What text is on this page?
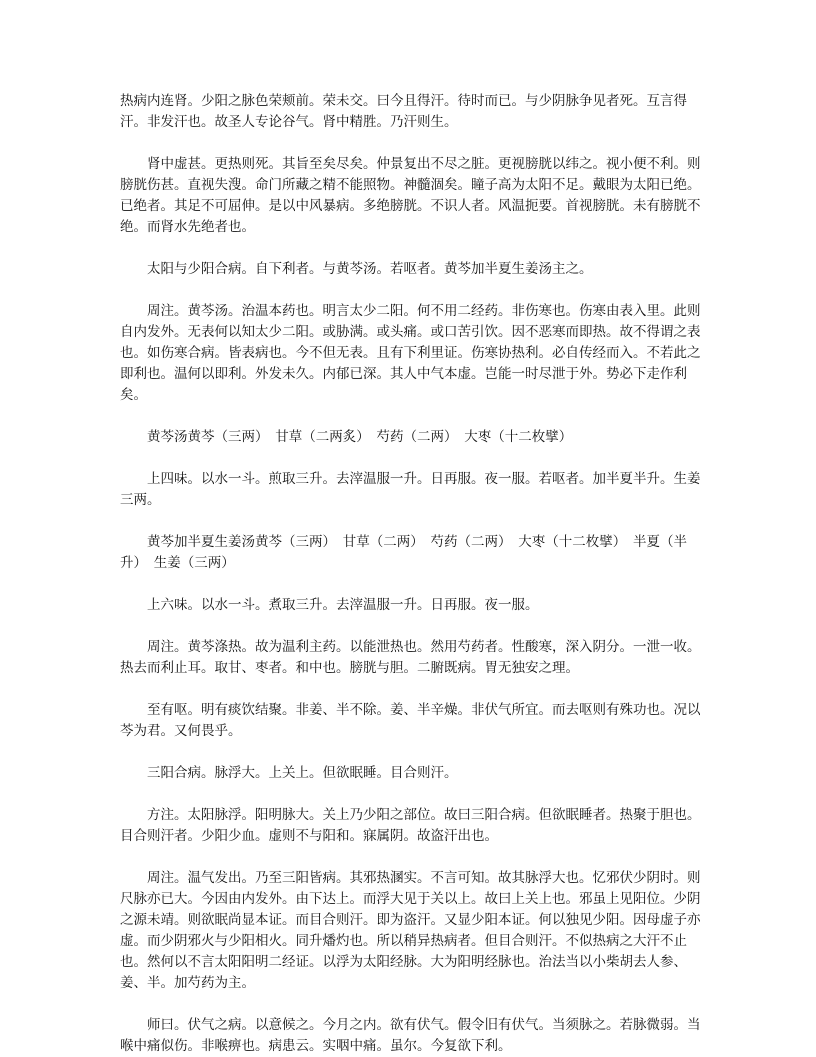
热病内连肾。少阳之脉色荣颊前。荣未交。曰今且得汗。待时而已。与少阴脉争见者死。互言得汗。非发汗也。故圣人专论谷气。肾中精胜。乃汗则生。

肾中虚甚。更热则死。其旨至矣尽矣。仲景复出不尽之脏。更视膀胱以纬之。视小便不利。则膀胱伤甚。直视失溲。命门所藏之精不能照物。神髓涸矣。瞳子高为太阳不足。戴眼为太阳已绝。已绝者。其足不可屈伸。是以中风暴病。多绝膀胱。不识人者。风温扼要。首视膀胱。未有膀胱不绝。而肾水先绝者也。

太阳与少阳合病。自下利者。与黄芩汤。若呕者。黄芩加半夏生姜汤主之。

周注。黄芩汤。治温本药也。明言太少二阳。何不用二经药。非伤寒也。伤寒由表入里。此则自内发外。无表何以知太少二阳。或胁满。或头痛。或口苦引饮。因不恶寒而即热。故不得谓之表也。如伤寒合病。皆表病也。今不但无表。且有下利里证。伤寒协热利。必自传经而入。不若此之即利也。温何以即利。外发未久。内郁已深。其人中气本虚。岂能一时尽泄于外。势必下走作利矣。

黄芩汤黄芩（三两）　甘草（二两炙）　芍药（二两）　大枣（十二枚擘）

上四味。以水一斗。煎取三升。去滓温服一升。日再服。夜一服。若呕者。加半夏半升。生姜三两。

黄芩加半夏生姜汤黄芩（三两）　甘草（二两）　芍药（二两）　大枣（十二枚擘）　半夏（半升）　生姜（三两）

上六味。以水一斗。煮取三升。去滓温服一升。日再服。夜一服。

周注。黄芩涤热。故为温利主药。以能泄热也。然用芍药者。性酸寒，深入阴分。一泄一收。热去而利止耳。取甘、枣者。和中也。膀胱与胆。二腑既病。胃无独安之理。

至有呕。明有痰饮结聚。非姜、半不除。姜、半辛燥。非伏气所宜。而去呕则有殊功也。况以芩为君。又何畏乎。

三阳合病。脉浮大。上关上。但欲眠睡。目合则汗。

方注。太阳脉浮。阳明脉大。关上乃少阳之部位。故曰三阳合病。但欲眠睡者。热聚于胆也。目合则汗者。少阳少血。虚则不与阳和。寐属阴。故盗汗出也。

周注。温气发出。乃至三阳皆病。其邪热溷实。不言可知。故其脉浮大也。忆邪伏少阴时。则尺脉亦已大。今因由内发外。由下达上。而浮大见于关以上。故曰上关上也。邪虽上见阳位。少阴之源未靖。则欲眠尚显本证。而目合则汗。即为盗汗。又显少阳本证。何以独见少阳。因母虚子亦虚。而少阴邪火与少阳相火。同升燔灼也。所以稍异热病者。但目合则汗。不似热病之大汗不止也。然何以不言太阳阳明二经证。以浮为太阳经脉。大为阳明经脉也。治法当以小柴胡去人参、姜、半。加芍药为主。

师曰。伏气之病。以意候之。今月之内。欲有伏气。假令旧有伏气。当须脉之。若脉微弱。当喉中痛似伤。非喉痹也。病患云。实咽中痛。虽尔。今复欲下利。
